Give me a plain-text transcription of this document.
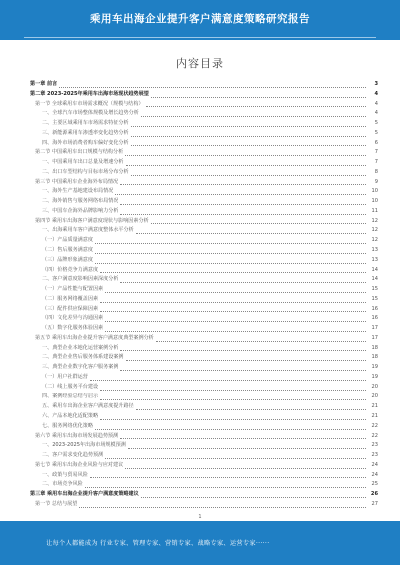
乘用车出海企业提升客户满意度策略研究报告
内容目录
第一章 前言	3
第二章 2023-2025年乘用车出海市场现状趋势展望	4
第一节 全球乘用车市场需求概况（规模与结构）	4
一、全球汽车市场整体规模及增长趋势分析	4
二、主要区域乘用车市场需求特征分析	5
三、新能源乘用车渗透率变化趋势分析	5
四、海外市场消费者购车偏好变化分析	6
第二节 中国乘用车出口规模与结构分析	7
一、中国乘用车出口总量及增速分析	7
二、出口车型结构与目标市场分布分析	8
第三节 中国乘用车企业海外布局情况	9
一、海外生产基地建设布局情况	10
二、海外销售与服务网络布局情况	10
三、中国车企海外品牌影响力分析	11
第四节 乘用车出海客户满意度现状与影响因素分析	12
一、出海乘用车客户满意度整体水平分析	12
（一）产品质量满意度	12
（二）售后服务满意度	13
（三）品牌形象满意度	13
（四）价格竞争力满意度	14
二、客户满意度影响因素深度分析	14
（一）产品性能与配置因素	15
（二）服务网络覆盖因素	15
（三）配件供应保障因素	16
（四）文化差异与沟通因素	16
（五）数字化服务体验因素	17
第五节 乘用车出海企业提升客户满意度典型案例分析	17
一、典型企业本地化运营案例分析	18
二、典型企业售后服务体系建设案例	18
三、典型企业数字化客户服务案例	19
（一）用户社群运营	19
（二）线上服务平台建设	20
四、案例经验总结与启示	20
五、乘用车出海企业客户满意度提升路径	21
六、产品本地化适配策略	21
七、服务网络优化策略	22
第六节 乘用车出海市场发展趋势预测	22
一、2023-2025年出海市场规模预测	23
二、客户需求变化趋势预测	23
第七节 乘用车出海企业风险与应对建议	24
一、政策与贸易风险	24
二、市场竞争风险	25
第三章 乘用车出海企业提升客户满意度策略建议	26
第一节 总结与展望	27
1
让每个人都能成为 行业专家、管理专家、营销专家、战略专家、运营专家······
